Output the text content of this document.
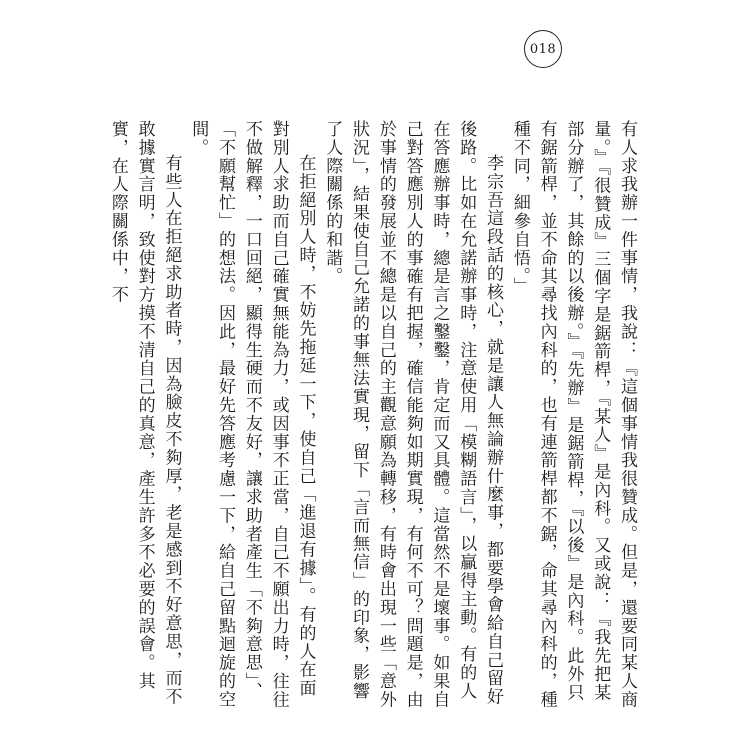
018

有人求我辦一件事情，我說：『這個事情我很贊成。但是，還要同某人商量。』『很贊成』三個字是鋸箭桿，『某人』是內科。又或說：『我先把某部分辦了，其餘的以後辦。』『先辦』是鋸箭桿，『以後』是內科。此外只有鋸箭桿，並不命其尋找內科的，也有連箭桿都不鋸，命其尋內科的，種種不同，細參自悟。」

李宗吾這段話的核心，就是讓人無論辦什麼事，都要學會給自己留好後路。比如在允諾辦事時，注意使用「模糊語言」，以贏得主動。有的人在答應辦事時，總是言之鑿鑿，肯定而又具體。這當然不是壞事。如果自己對答應別人的事確有把握，確信能夠如期實現，有何不可？問題是，由於事情的發展並不總是以自己的主觀意願為轉移，有時會出現一些「意外狀況」，結果使自己允諾的事無法實現，留下「言而無信」的印象，影響了人際關係的和諧。

在拒絕別人時，不妨先拖延一下，使自己「進退有據」。有的人在面對別人求助而自己確實無能為力，或因事不正當，自己不願出力時，往往不做解釋，一口回絕，顯得生硬而不友好，讓求助者產生「不夠意思」、「不願幫忙」的想法。因此，最好先答應考慮一下，給自己留點迴旋的空間。

有些人在拒絕求助者時，因為臉皮不夠厚，老是感到不好意思，而不敢據實言明，致使對方摸不清自己的真意，產生許多不必要的誤會。其實，在人際關係中，不
